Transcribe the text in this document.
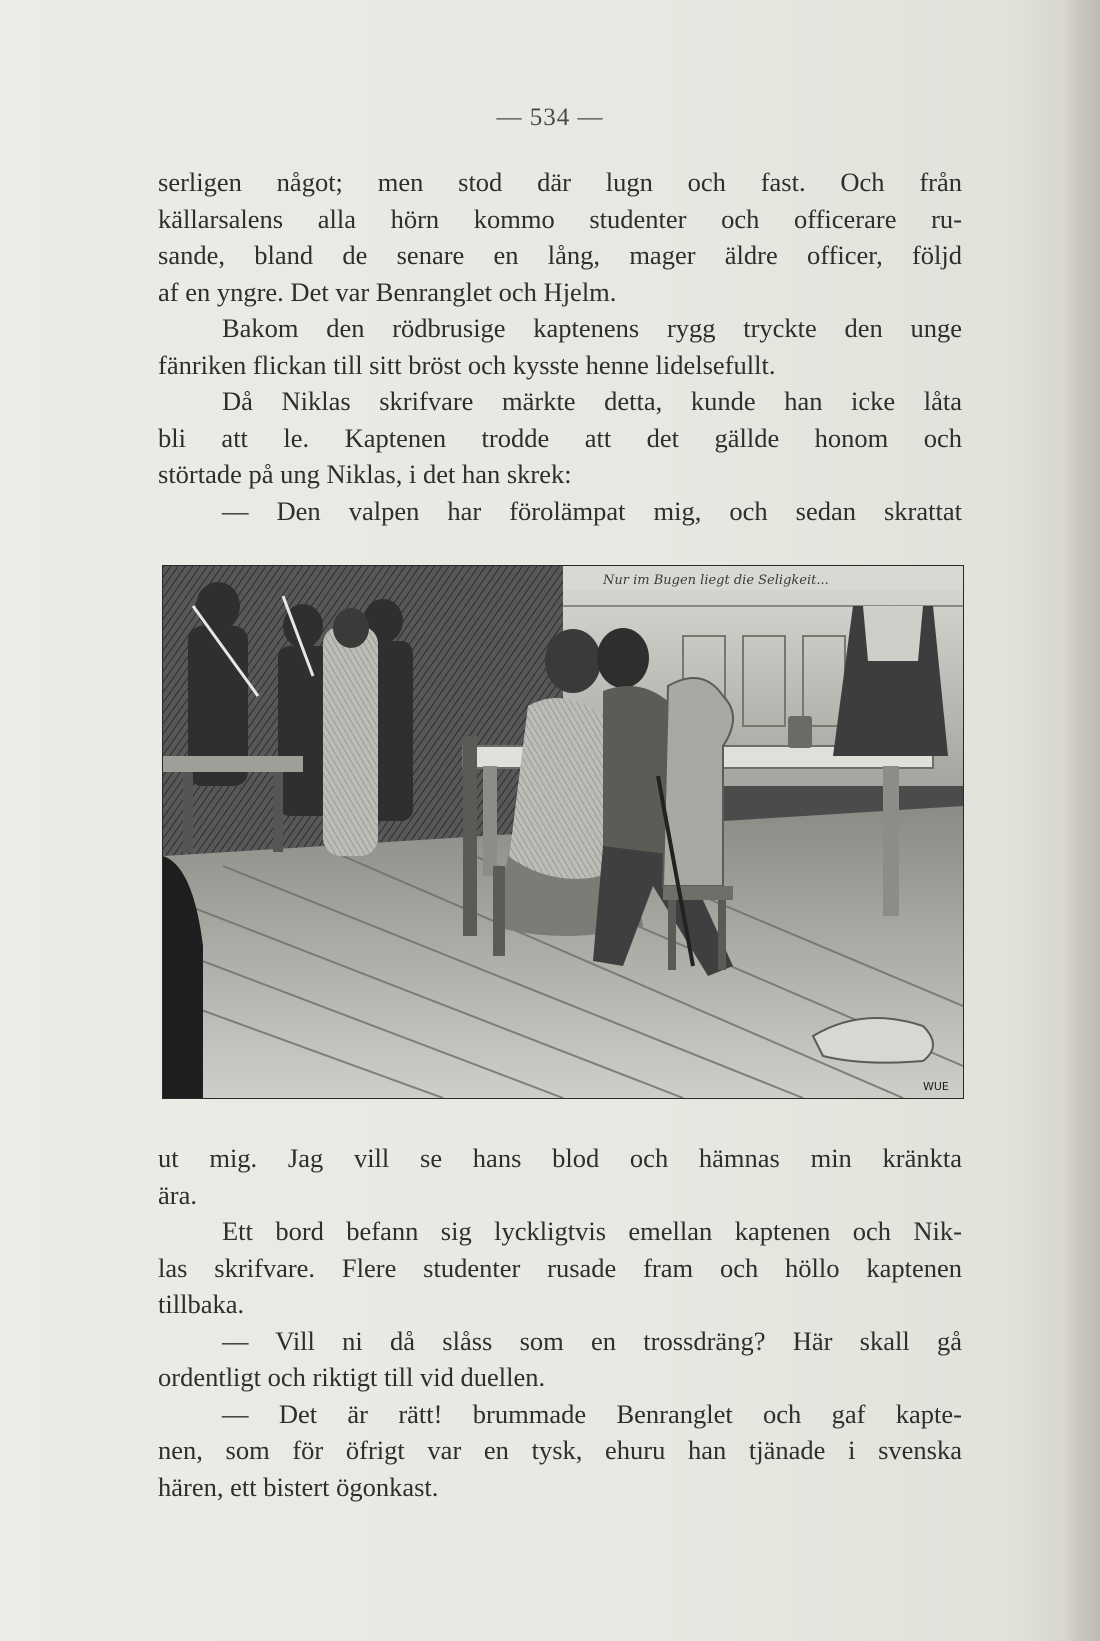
— 534 —
serligen något; men stod där lugn och fast. Och från
källarsalens alla hörn kommo studenter och officerare ru-
sande, bland de senare en lång, mager äldre officer, följd
af en yngre. Det var Benranglet och Hjelm.
Bakom den rödbrusige kaptenens rygg tryckte den unge
fänriken flickan till sitt bröst och kysste henne lidelsefullt.
Då Niklas skrifvare märkte detta, kunde han icke låta
bli att le. Kaptenen trodde att det gällde honom och
störtade på ung Niklas, i det han skrek:
— Den valpen har förolämpat mig, och sedan skrattat
Nur im Bugen liegt die Seligkeit...
WUE
ut mig. Jag vill se hans blod och hämnas min kränkta
ära.
Ett bord befann sig lyckligtvis emellan kaptenen och Nik-
las skrifvare. Flere studenter rusade fram och höllo kaptenen
tillbaka.
— Vill ni då slåss som en trossdräng? Här skall gå
ordentligt och riktigt till vid duellen.
— Det är rätt! brummade Benranglet och gaf kapte-
nen, som för öfrigt var en tysk, ehuru han tjänade i svenska
hären, ett bistert ögonkast.
